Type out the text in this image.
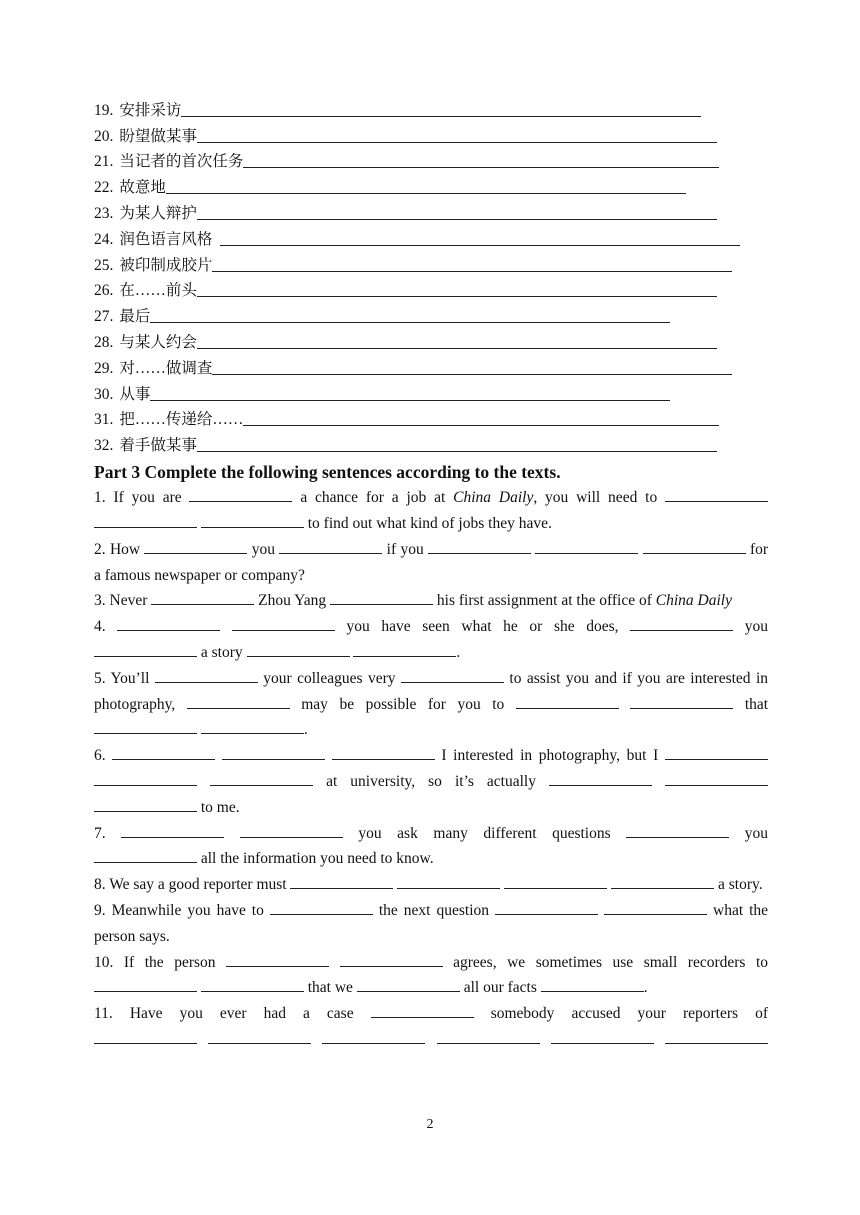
19. 安排采访
20. 盼望做某事
21. 当记者的首次任务
22. 故意地
23. 为某人辩护
24. 润色语言风格
25. 被印制成胶片
26. 在……前头
27. 最后
28. 与某人约会
29. 对……做调查
30. 从事
31. 把……传递给……
32. 着手做某事
Part 3 Complete the following sentences according to the texts.

1. If you are	a chance for a job at China Daily, you will need to    to find out what kind of jobs they have.

2. How	you	if you	for a famous newspaper or company?

3. Never	Zhou Yang	his first assignment at the office of China Daily

4.	you have seen what he or she does,	you  a story	.

5. You’ll	your colleagues very	to assist you and if you are interested in photography,	may be possible for you to	that  .

6.	I interested in photography, but I    at university, so it’s actually    to me.

7.	you ask many different questions	you  all the information you need to know.

8. We say a good reporter must	a story.

9. Meanwhile you have to	the next question	what the person says.

10. If the person	agrees, we sometimes use small recorders to   that we	all our facts	.

11. Have you ever had a case	somebody accused your reporters of

2
